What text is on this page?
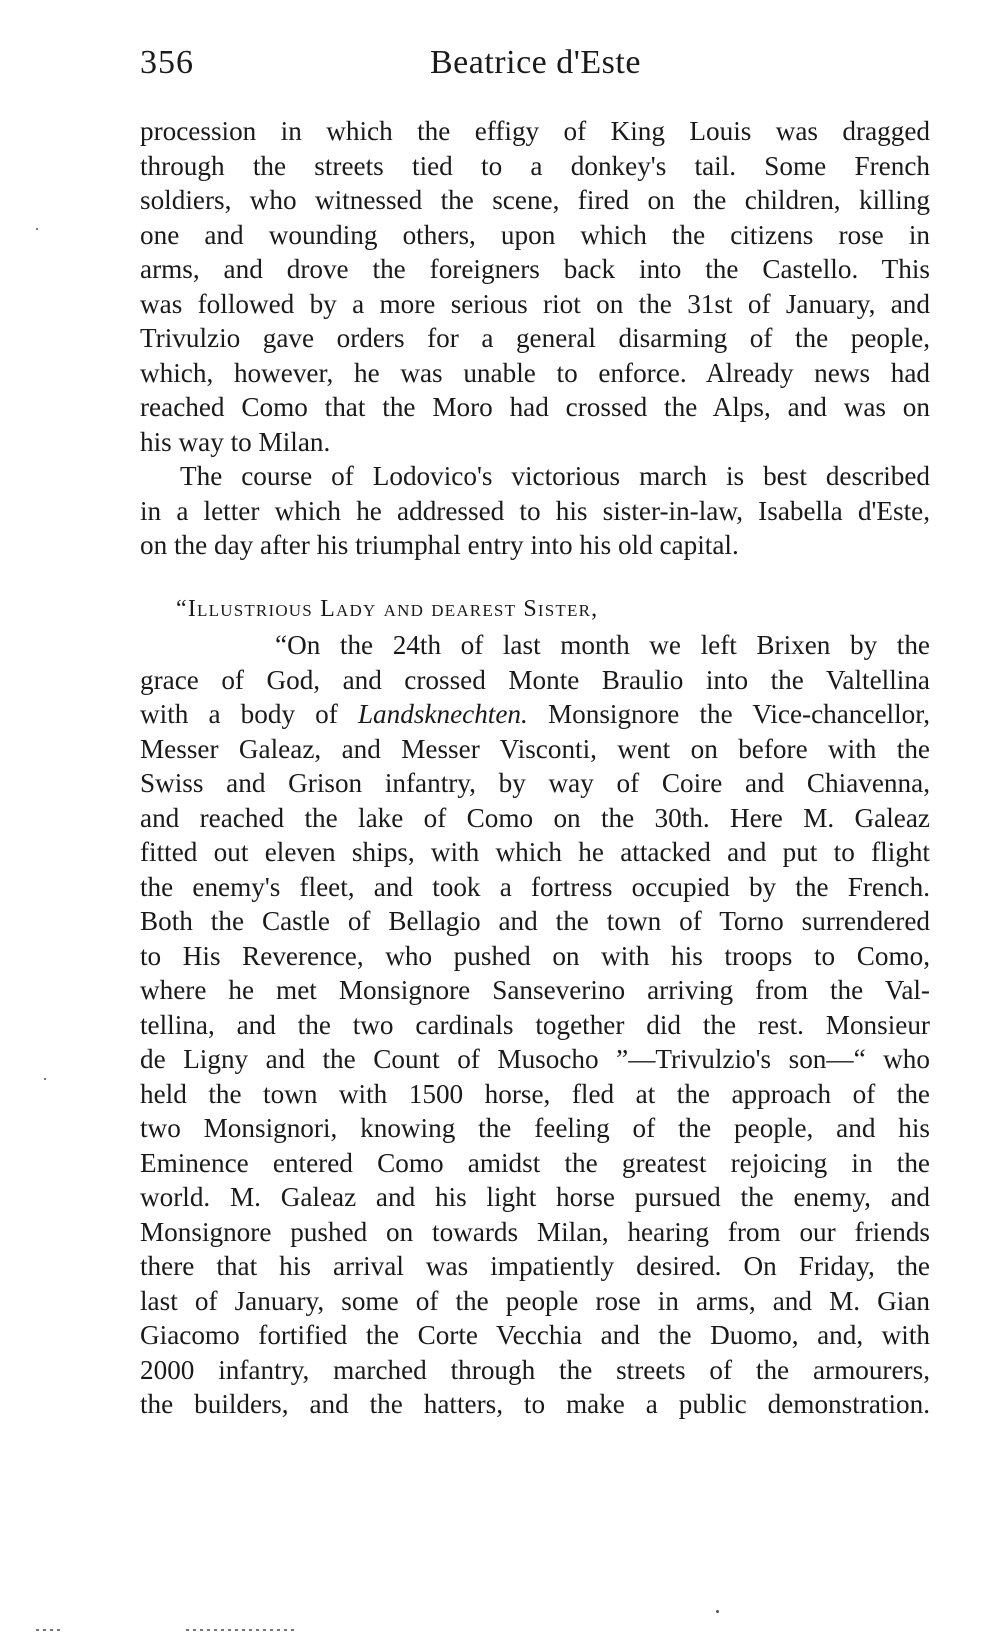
356	Beatrice d'Este
procession in which the effigy of King Louis was dragged
through the streets tied to a donkey's tail. Some French
soldiers, who witnessed the scene, fired on the children, killing
one and wounding others, upon which the citizens rose in
arms, and drove the foreigners back into the Castello. This
was followed by a more serious riot on the 31st of January, and
Trivulzio gave orders for a general disarming of the people,
which, however, he was unable to enforce. Already news had
reached Como that the Moro had crossed the Alps, and was on
his way to Milan.
The course of Lodovico's victorious march is best described
in a letter which he addressed to his sister-in-law, Isabella d'Este,
on the day after his triumphal entry into his old capital.
“Illustrious Lady and dearest Sister,
“On the 24th of last month we left Brixen by the
grace of God, and crossed Monte Braulio into the Valtellina
with a body of Landsknechten. Monsignore the Vice-chancellor,
Messer Galeaz, and Messer Visconti, went on before with the
Swiss and Grison infantry, by way of Coire and Chiavenna,
and reached the lake of Como on the 30th. Here M. Galeaz
fitted out eleven ships, with which he attacked and put to flight
the enemy's fleet, and took a fortress occupied by the French.
Both the Castle of Bellagio and the town of Torno surrendered
to His Reverence, who pushed on with his troops to Como,
where he met Monsignore Sanseverino arriving from the Val-
tellina, and the two cardinals together did the rest. Monsieur
de Ligny and the Count of Musocho ”—Trivulzio's son—“ who
held the town with 1500 horse, fled at the approach of the
two Monsignori, knowing the feeling of the people, and his
Eminence entered Como amidst the greatest rejoicing in the
world. M. Galeaz and his light horse pursued the enemy, and
Monsignore pushed on towards Milan, hearing from our friends
there that his arrival was impatiently desired. On Friday, the
last of January, some of the people rose in arms, and M. Gian
Giacomo fortified the Corte Vecchia and the Duomo, and, with
2000 infantry, marched through the streets of the armourers,
the builders, and the hatters, to make a public demonstration.
